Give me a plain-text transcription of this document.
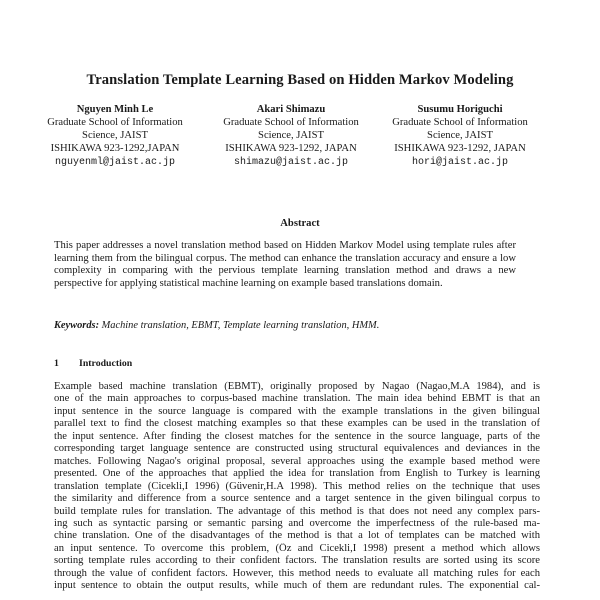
Translation Template Learning Based on Hidden Markov Modeling
Nguyen Minh Le
Graduate School of Information
Science, JAIST
ISHIKAWA 923-1292,JAPAN
nguyenml@jaist.ac.jp
Akari Shimazu
Graduate School of Information
Science, JAIST
ISHIKAWA 923-1292, JAPAN
shimazu@jaist.ac.jp
Susumu Horiguchi
Graduate School of Information
Science, JAIST
ISHIKAWA 923-1292, JAPAN
hori@jaist.ac.jp
Abstract
This paper addresses a novel translation method based on Hidden Markov Model using template rules after learning them from the bilingual corpus. The method can enhance the translation accuracy and ensure a low complexity in comparing with the pervious template learning translation method and draws a new perspective for applying statistical machine learning on example based translations domain.
Keywords: Machine translation, EBMT, Template learning translation, HMM.
1 Introduction
Example based machine translation (EBMT), originally proposed by Nagao (Nagao,M.A 1984), and is
one of the main approaches to corpus-based machine translation. The main idea behind EBMT is that an
input sentence in the source language is compared with the example translations in the given bilingual
parallel text to find the closest matching examples so that these examples can be used in the translation of
the input sentence. After finding the closest matches for the sentence in the source language, parts of the
corresponding target language sentence are constructed using structural equivalences and deviances in the
matches. Following Nagao's original proposal, several approaches using the example based method were
presented. One of the approaches that applied the idea for translation from English to Turkey is learning
translation template (Cicekli,I 1996) (Güvenir,H.A 1998). This method relies on the technique that uses
the similarity and difference from a source sentence and a target sentence in the given bilingual corpus to
build template rules for translation. The advantage of this method is that does not need any complex pars-
ing such as syntactic parsing or semantic parsing and overcome the imperfectness of the rule-based ma-
chine translation. One of the disadvantages of the method is that a lot of templates can be matched with
an input sentence. To overcome this problem, (Öz and Cicekli,I 1998) present a method which allows
sorting template rules according to their confident factors. The translation results are sorted using its score
through the value of confident factors. However, this method needs to evaluate all matching rules for each
input sentence to obtain the output results, while much of them are redundant rules. The exponential cal-
